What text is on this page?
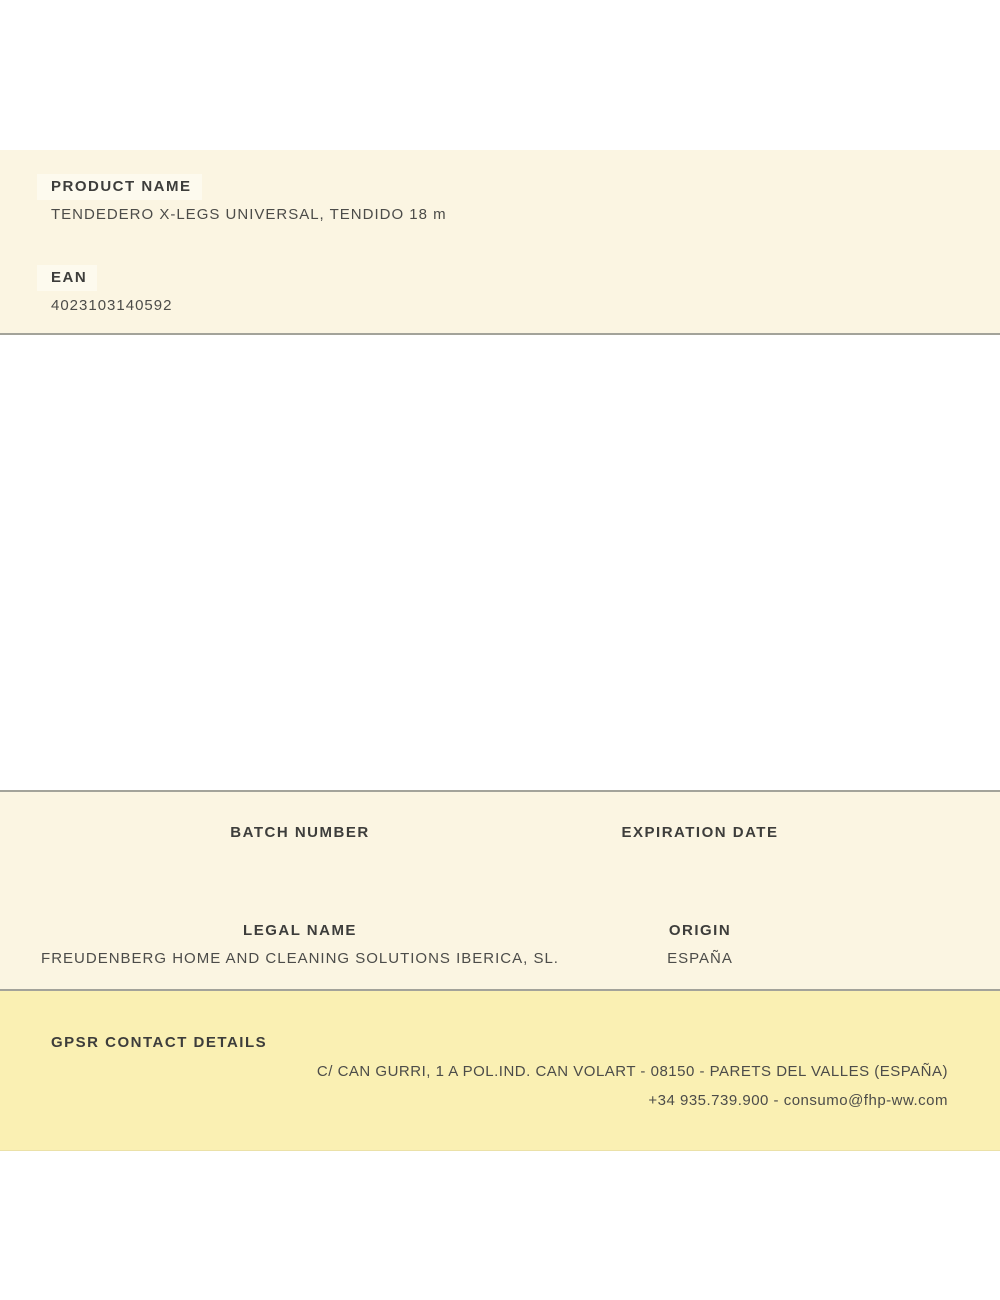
PRODUCT NAME
TENDEDERO X-LEGS UNIVERSAL, TENDIDO 18 m
EAN
4023103140592
BATCH NUMBER
LEGAL NAME
FREUDENBERG HOME AND CLEANING SOLUTIONS IBERICA, SL.
EXPIRATION DATE
ORIGIN
ESPAÑA
GPSR CONTACT DETAILS
C/ CAN GURRI, 1 A POL.IND. CAN VOLART - 08150 - PARETS DEL VALLES (ESPAÑA)
+34 935.739.900 - consumo@fhp-ww.com
